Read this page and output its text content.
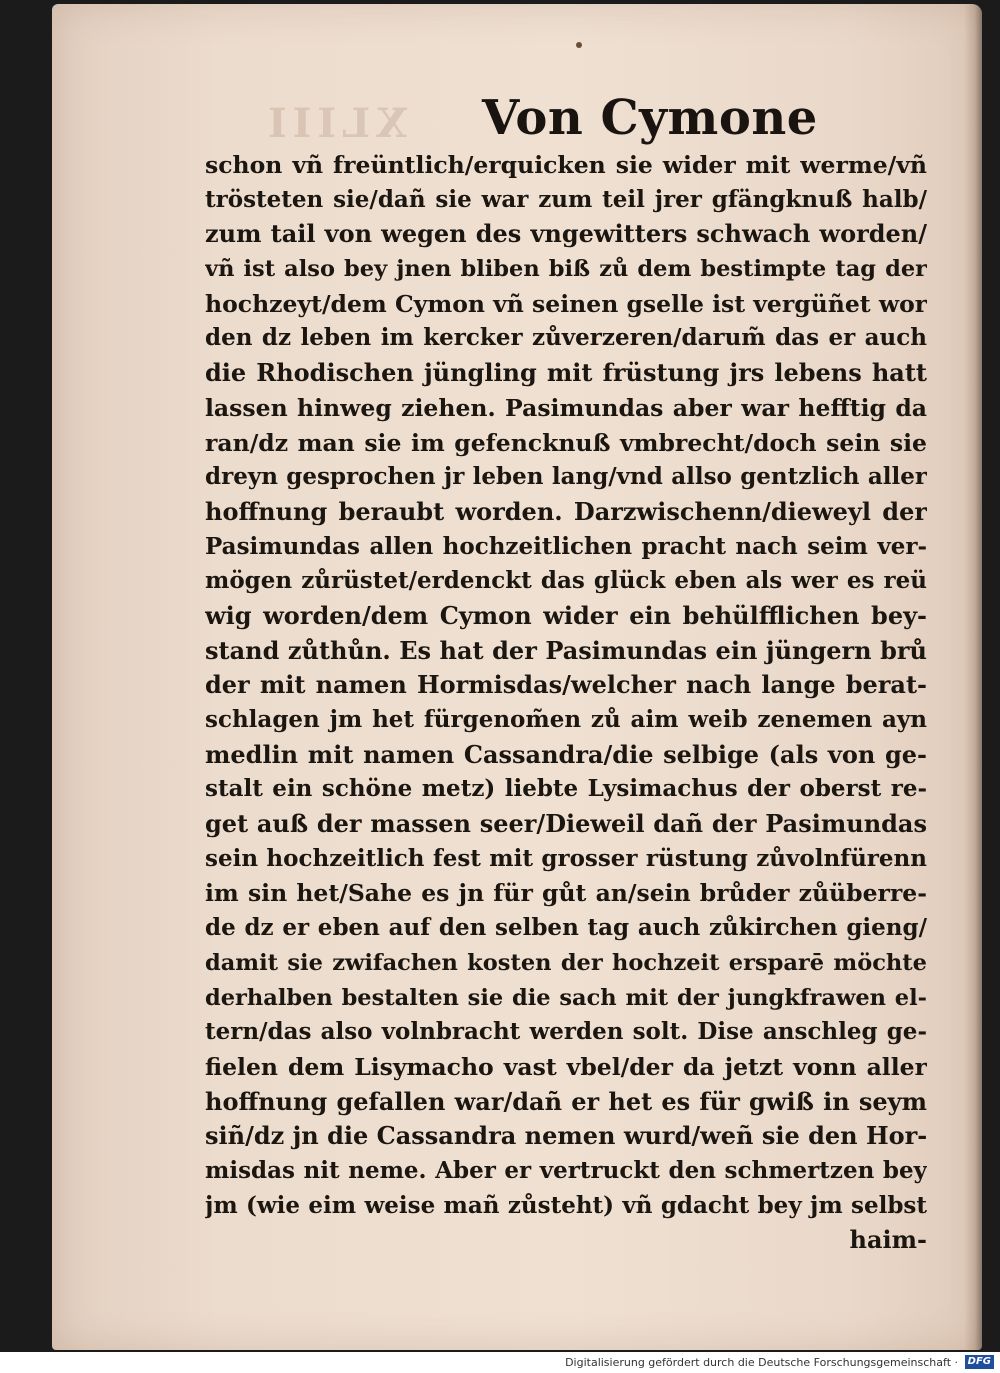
XLIII Von Cymone
schon vñ freüntlich/erquicken sie wider mit werme/vñ
trösteten sie/dañ sie war zum teil jrer gfängknuß halb/
zum tail von wegen des vngewitters schwach worden/
vñ ist also bey jnen bliben biß zů dem bestimpte tag der
hochzeyt/dem Cymon vñ seinen gselle ist vergüñet wor
den dz leben im kercker zůverzeren/darum̃ das er auch
die Rhodischen jüngling mit früstung jrs lebens hatt
lassen hinweg ziehen. Pasimundas aber war hefftig da
ran/dz man sie im gefencknuß vmbrecht/doch sein sie
dreyn gesprochen jr leben lang/vnd allso gentzlich aller
hoffnung beraubt worden. Darzwischenn/dieweyl der
Pasimundas allen hochzeitlichen pracht nach seim ver-
mögen zůrüstet/erdenckt das glück eben als wer es reü
wig worden/dem Cymon wider ein behülfflichen bey-
stand zůthůn. Es hat der Pasimundas ein jüngern brů
der mit namen Hormisdas/welcher nach lange berat-
schlagen jm het fürgenom̃en zů aim weib zenemen ayn
medlin mit namen Cassandra/die selbige (als von ge-
stalt ein schöne metz) liebte Lysimachus der oberst re-
get auß der massen seer/Dieweil dañ der Pasimundas
sein hochzeitlich fest mit grosser rüstung zůvolnfürenn
im sin het/Sahe es jn für gůt an/sein brůder zůüberre-
de dz er eben auf den selben tag auch zůkirchen gieng/
damit sie zwifachen kosten der hochzeit ersparē möchte
derhalben bestalten sie die sach mit der jungkfrawen el-
tern/das also volnbracht werden solt. Dise anschleg ge-
fielen dem Lisymacho vast vbel/der da jetzt vonn aller
hoffnung gefallen war/dañ er het es für gwiß in seym
siñ/dz jn die Cassandra nemen wurd/weñ sie den Hor-
misdas nit neme. Aber er vertruckt den schmertzen bey
jm (wie eim weise mañ zůsteht) vñ gdacht bey jm selbst
haim-
Digitalisierung gefördert durch die Deutsche Forschungsgemeinschaft · DFG
